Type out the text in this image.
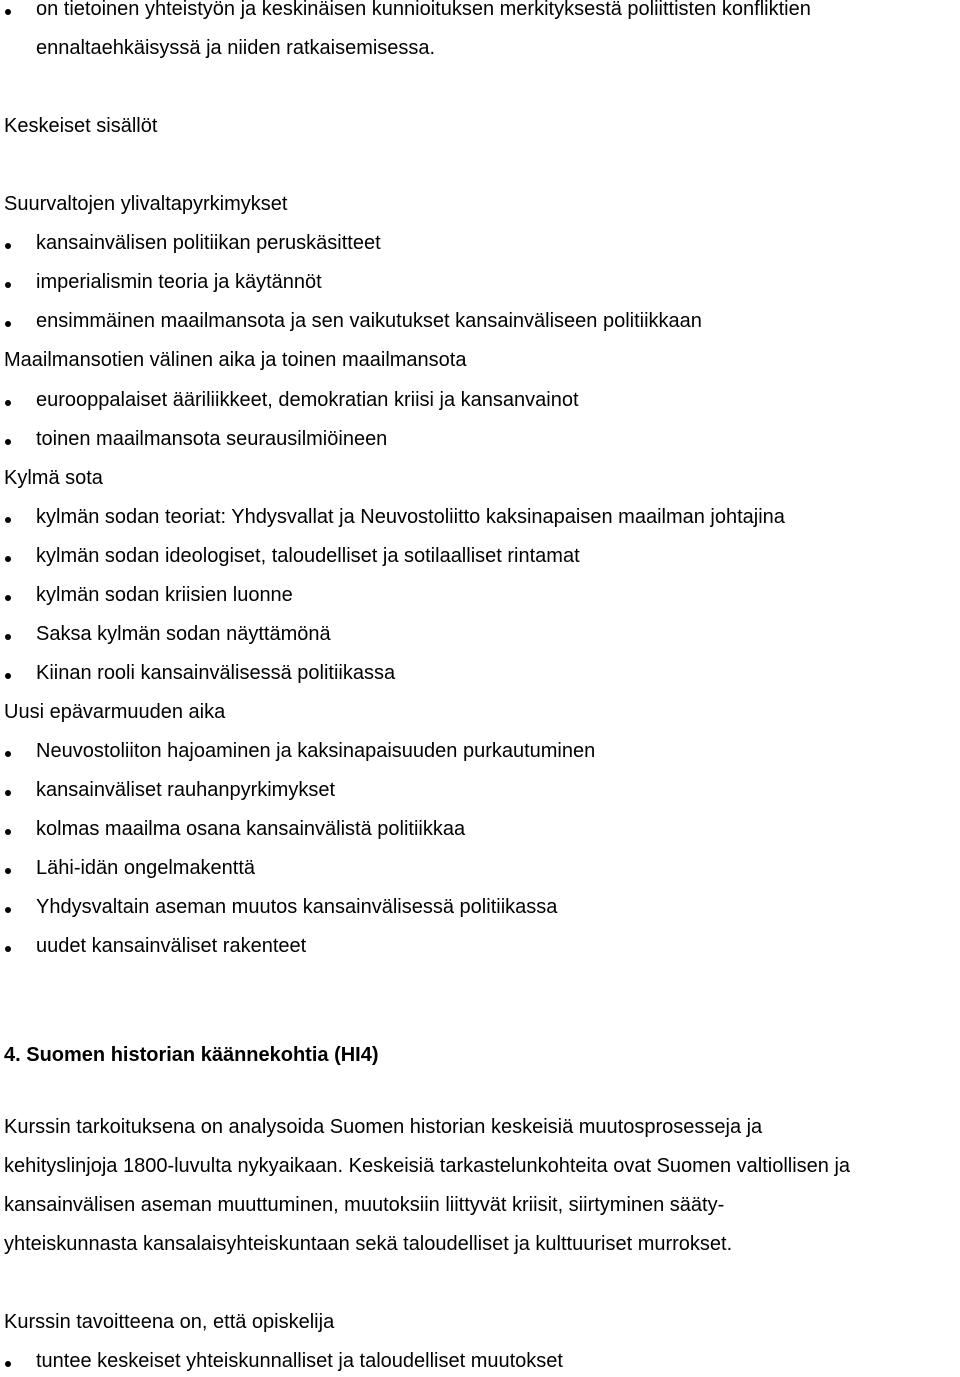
on tietoinen yhteistyön ja keskinäisen kunnioituksen merkityksestä poliittisten konfliktien
ennaltaehkäisyssä ja niiden ratkaisemisessa.
Keskeiset sisällöt
Suurvaltojen ylivaltapyrkimykset
kansainvälisen politiikan peruskäsitteet
imperialismin teoria ja käytännöt
ensimmäinen maailmansota ja sen vaikutukset kansainväliseen politiikkaan
Maailmansotien välinen aika ja toinen maailmansota
eurooppalaiset ääriliikkeet, demokratian kriisi ja kansanvainot
toinen maailmansota seurausilmiöineen
Kylmä sota
kylmän sodan teoriat: Yhdysvallat ja Neuvostoliitto kaksinapaisen maailman johtajina
kylmän sodan ideologiset, taloudelliset ja sotilaalliset rintamat
kylmän sodan kriisien luonne
Saksa kylmän sodan näyttämönä
Kiinan rooli kansainvälisessä politiikassa
Uusi epävarmuuden aika
Neuvostoliiton hajoaminen ja kaksinapaisuuden purkautuminen
kansainväliset rauhanpyrkimykset
kolmas maailma osana kansainvälistä politiikkaa
Lähi-idän ongelmakenttä
Yhdysvaltain aseman muutos kansainvälisessä politiikassa
uudet kansainväliset rakenteet
4. Suomen historian käännekohtia (HI4)
Kurssin tarkoituksena on analysoida Suomen historian keskeisiä muutosprosesseja ja
kehityslinjoja 1800-luvulta nykyaikaan. Keskeisiä tarkastelunkohteita ovat Suomen valtiollisen ja
kansainvälisen aseman muuttuminen, muutoksiin liittyvät kriisit, siirtyminen sääty-
yhteiskunnasta kansalaisyhteiskuntaan sekä taloudelliset ja kulttuuriset murrokset.
Kurssin tavoitteena on, että opiskelija
tuntee keskeiset yhteiskunnalliset ja taloudelliset muutokset
